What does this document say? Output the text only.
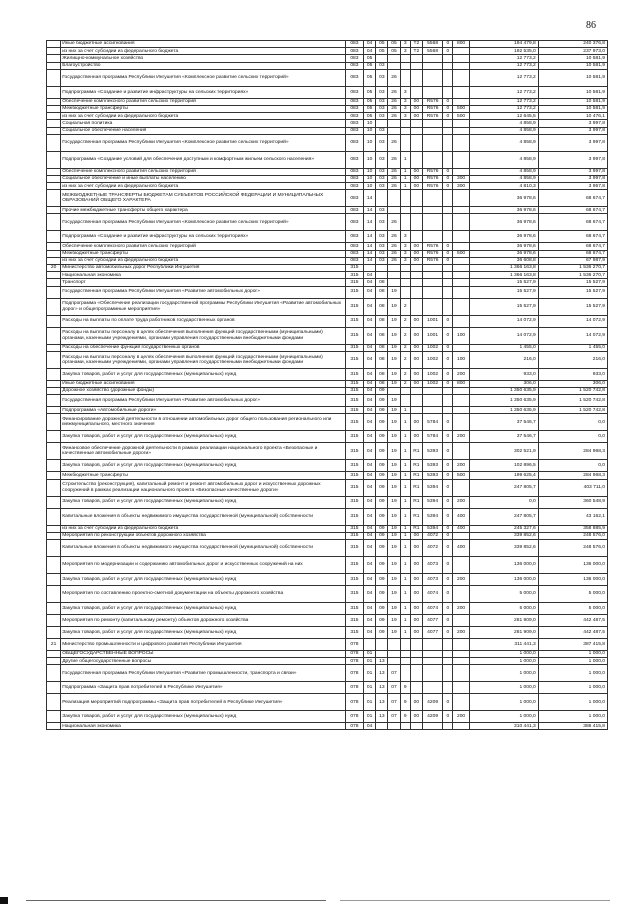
86
	Иные бюджетные ассигнования	083	04	05	05	3	Т2	5568	0	800	194 479,8	240 376,8
	из них за счет субсидии из федерального бюджета	083	04	05	05	3	Т2	5568	0		192 535,0	237 973,0
	Жилищно-коммунальное хозяйство	083	05								12 773,2	10 581,9
	Благоустройство	083	05	03							12 773,2	10 581,9
	Государственная программа Республики Ингушетия «Комплексное развитие сельских территорий»	083	05	03	26						12 773,2	10 581,9
	Подпрограмма «Создание и развитие инфраструктуры на сельских территориях»	083	05	03	26	3					12 773,2	10 581,9
	Обеспечение комплексного развития сельских территорий	083	05	03	26	3	00	R576	0		12 773,2	10 581,9
	Межбюджетные трансферты	083	05	03	26	3	00	R576	0	500	12 773,2	10 581,9
	из них за счет субсидии из федерального бюджета	083	05	03	26	3	00	R576	0	500	12 645,5	10 476,1
	Социальная политика	083	10								4 858,9	3 997,8
	Социальное обеспечение населения	083	10	03							4 858,9	3 997,8
	Государственная программа Республики Ингушетия «Комплексное развитие сельских территорий»	083	10	03	26						4 858,9	3 997,8
	Подпрограмма «Создание условий для обеспечения доступным и комфортным жильем сельского населения»	083	10	03	26	1					4 858,9	3 997,8
	Обеспечение комплексного развития сельских территорий	083	10	03	26	1	00	R576	0		4 858,9	3 997,8
	Социальное обеспечение и иные выплаты населению	083	10	03	26	1	00	R576	0	300	4 858,9	3 997,8
	из них за счет субсидии из федерального бюджета	083	10	03	26	1	00	R576	0	300	4 810,3	3 957,8
	МЕЖБЮДЖЕТНЫЕ ТРАНСФЕРТЫ БЮДЖЕТАМ СУБЪЕКТОВ РОССИЙСКОЙ ФЕДЕРАЦИИ И МУНИЦИПАЛЬНЫХ ОБРАЗОВАНИЙ ОБЩЕГО ХАРАКТЕРА	083	14								36 978,6	68 674,7
	Прочие межбюджетные трансферты общего характера	083	14	03							36 978,6	68 674,7
	Государственная программа Республики Ингушетия «Комплексное развитие сельских территорий»	083	14	03	26						36 978,6	68 674,7
	Подпрограмма «Создание и развитие инфраструктуры на сельских территориях»	083	14	03	26	3					36 978,6	68 674,7
	Обеспечение комплексного развития сельских территорий	083	14	03	26	3	00	R576	0		36 978,6	68 674,7
	Межбюджетные трансферты	083	14	03	26	3	00	R576	0	500	36 978,6	68 674,7
	из них за счет субсидии из федерального бюджета	083	14	03	26	3	00	R576	0		36 608,8	67 987,9
20	Министерство автомобильных дорог Республики Ингушетия	315									1 366 163,8	1 536 270,7
	Национальная экономика	315	04								1 366 163,8	1 536 270,7
	Транспорт	315	04	08							15 527,9	15 527,9
	Государственная программа Республики Ингушетия «Развитие автомобильных дорог»	315	04	08	19						15 527,9	15 527,9
	Подпрограмма «Обеспечение реализации государственной программы Республики Ингушетия «Развитие автомобильных дорог» и общепрограммные мероприятия»	315	04	08	19	2					15 527,9	15 527,9
	Расходы на выплаты по оплате труда работников государственных органов	315	04	08	19	2	00	1001	0		14 072,9	14 072,9
	Расходы на выплаты персоналу в целях обеспечения выполнения функций государственными (муниципальными) органами, казенными учреждениями, органами управления государственными внебюджетными фондами	315	04	08	19	2	00	1001	0	100	14 072,9	14 072,9
	Расходы на обеспечение функций государственных органов	315	04	08	19	2	00	1002	0		1 455,0	1 455,0
	Расходы на выплаты персоналу в целях обеспечения выполнения функций государственными (муниципальными) органами, казенными учреждениями, органами управления государственными внебюджетными фондами	315	04	08	19	2	00	1002	0	100	216,0	216,0
	Закупка товаров, работ и услуг для государственных (муниципальных) нужд	315	04	08	19	2	00	1002	0	200	933,0	933,0
	Иные бюджетные ассигнования	315	04	08	19	2	00	1002	0	800	306,0	306,0
	Дорожное хозяйство (дорожные фонды)	315	04	09							1 350 635,9	1 520 742,8
	Государственная программа Республики Ингушетия «Развитие автомобильных дорог»	315	04	09	19						1 350 635,9	1 520 742,8
	Подпрограмма «Автомобильные дороги»	315	04	09	19	1					1 350 635,9	1 520 742,8
	Финансирование дорожной деятельности в отношении автомобильных дорог общего пользования регионального или межмуниципального, местного значения	315	04	09	19	1	00	5784	0		37 546,7	0,0
	Закупка товаров, работ и услуг для государственных (муниципальных) нужд	315	04	09	19	1	00	5784	0	200	37 546,7	0,0
	Финансовое обеспечение дорожной деятельности в рамках реализации национального проекта «Безопасные и качественные автомобильные дороги»	315	04	09	19	1	R1	5393	0		302 521,9	284 968,3
	Закупка товаров, работ и услуг для государственных (муниципальных) нужд	315	04	09	19	1	R1	5393	0	200	102 896,5	0,0
	Межбюджетные трансферты	315	04	09	19	1	R1	5393	0	500	199 625,4	284 968,3
	Строительство (реконструкция), капитальный ремонт и ремонт автомобильных дорог и искусственных дорожных сооружений в рамках реализации национального проекта «Безопасные качественные дороги»	315	04	09	19	1	R1	5394	0		247 805,7	403 711,0
	Закупка товаров, работ и услуг для государственных (муниципальных) нужд	315	04	09	19	1	R1	5394	0	200	0,0	360 548,9
	Капитальные вложения в объекты недвижимого имущества государственной (муниципальной) собственности	315	04	09	19	1	R1	5394	0	400	247 805,7	43 162,1
	из них за счет субсидии из федерального бюджета	315	04	09	19	1	R1	5394	0	400	245 327,6	358 885,9
	Мероприятия по реконструкции объектов дорожного хозяйства	315	04	09	19	1	00	4072	0		339 852,6	248 576,0
	Капитальные вложения в объекты недвижимого имущества государственной (муниципальной) собственности	315	04	09	19	1	00	4072	0	400	339 852,6	248 576,0
	Мероприятия по модернизации и содержанию автомобильных дорог и искусственных сооружений на них	315	04	09	19	1	00	4073	0		136 000,0	136 000,0
	Закупка товаров, работ и услуг для государственных (муниципальных) нужд	315	04	09	19	1	00	4073	0	200	136 000,0	136 000,0
	Мероприятия по составлению проектно-сметной документации на объекты дорожного хозяйства	315	04	09	19	1	00	4074	0		5 000,0	5 000,0
	Закупка товаров, работ и услуг для государственных (муниципальных) нужд	315	04	09	19	1	00	4074	0	200	5 000,0	5 000,0
	Мероприятия по ремонту (капитальному ремонту) объектов дорожного хозяйства	315	04	09	19	1	00	4077	0		281 909,0	442 487,5
	Закупка товаров, работ и услуг для государственных (муниципальных) нужд	315	04	09	19	1	00	4077	0	200	281 909,0	442 487,5
21	Министерство промышленности и цифрового развития Республики Ингушетия	078									311 441,3	387 415,8
	ОБЩЕГОСУДАРСТВЕННЫЕ ВОПРОСЫ	078	01								1 000,0	1 000,0
	Другие общегосударственные вопросы	078	01	13							1 000,0	1 000,0
	Государственная программа Республики Ингушетия «Развитие промышленности, транспорта и связи»	078	01	13	07						1 000,0	1 000,0
	Подпрограмма «Защита прав потребителей в Республике Ингушетия»	078	01	13	07	9					1 000,0	1 000,0
	Реализация мероприятий подпрограммы «Защита прав потребителей в Республике Ингушетия»	078	01	13	07	9	00	4209	0		1 000,0	1 000,0
	Закупка товаров, работ и услуг для государственных (муниципальных) нужд	078	01	13	07	9	00	4209	0	200	1 000,0	1 000,0
	Национальная экономика	078	04								310 441,3	386 415,8
